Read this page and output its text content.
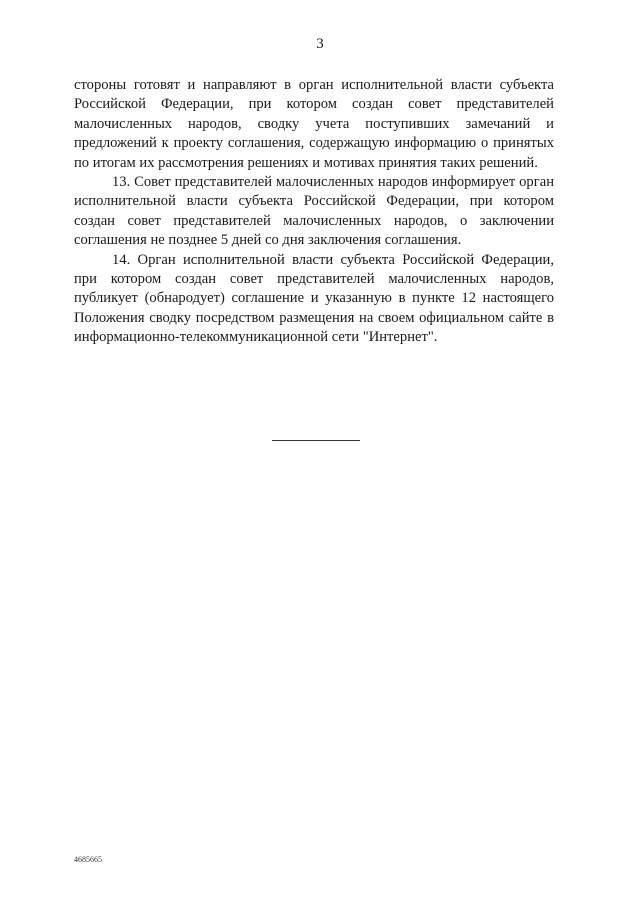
3

стороны готовят и направляют в орган исполнительной власти субъекта Российской Федерации, при котором создан совет представителей малочисленных народов, сводку учета поступивших замечаний и предложений к проекту соглашения, содержащую информацию о принятых по итогам их рассмотрения решениях и мотивах принятия таких решений.

13. Совет представителей малочисленных народов информирует орган исполнительной власти субъекта Российской Федерации, при котором создан совет представителей малочисленных народов, о заключении соглашения не позднее 5 дней со дня заключения соглашения.

14. Орган исполнительной власти субъекта Российской Федерации, при котором создан совет представителей малочисленных народов, публикует (обнародует) соглашение и указанную в пункте 12 настоящего Положения сводку посредством размещения на своем официальном сайте в информационно-телекоммуникационной сети "Интернет".

4685665
